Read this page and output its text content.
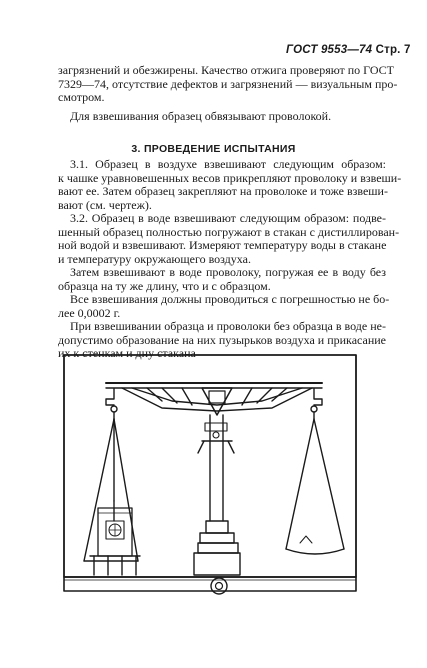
ГОСТ 9553—74 Стр. 7
загрязнений и обезжирены. Качество отжига проверяют по ГОСТ
7329—74, отсутствие дефектов и загрязнений — визуальным про-
смотром.
Для взвешивания образец обвязывают проволокой.
3. ПРОВЕДЕНИЕ ИСПЫТАНИЯ
3.1. Образец в воздухе взвешивают следующим образом:
к чашке уравновешенных весов прикрепляют проволоку и взвеши-
вают ее. Затем образец закрепляют на проволоке и тоже взвеши-
вают (см. чертеж).
3.2. Образец в воде взвешивают следующим образом: подве-
шенный образец полностью погружают в стакан с дистиллирован-
ной водой и взвешивают. Измеряют температуру воды в стакане
и температуру окружающего воздуха.
Затем взвешивают в воде проволоку, погружая ее в воду без
образца на ту же длину, что и с образцом.
Все взвешивания должны проводиться с погрешностью не бо-
лее 0,0002 г.
При взвешивании образца и проволоки без образца в воде не-
допустимо образование на них пузырьков воздуха и прикасание
их к стенкам и дну стакана
